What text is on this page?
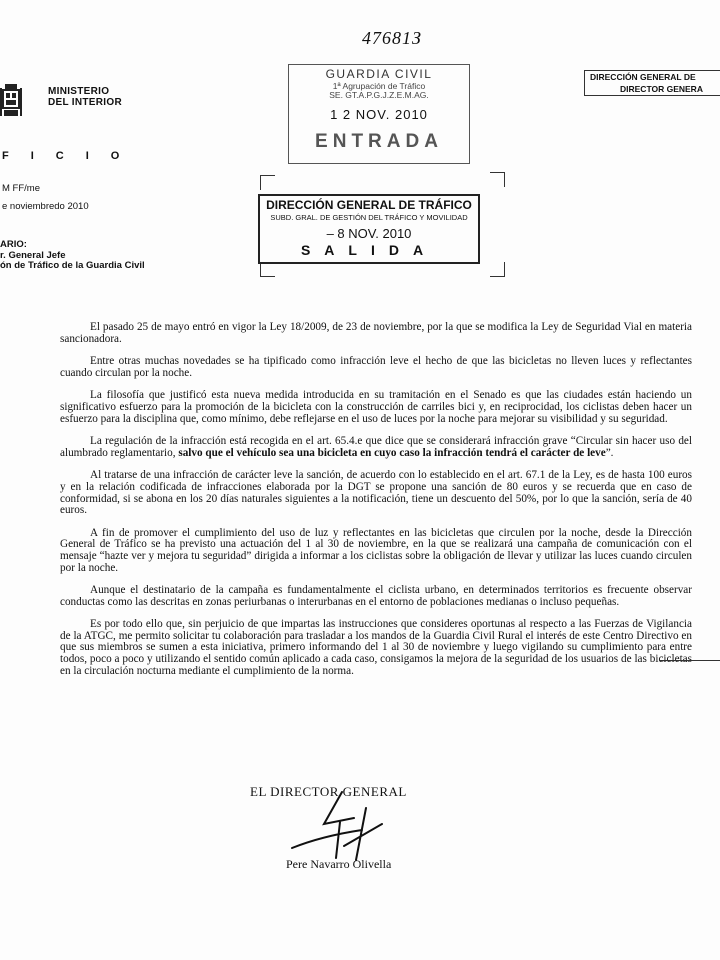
MINISTERIO
DEL INTERIOR
FICIO
M FF/me
e noviembredo 2010
ARIO:
r. General Jefe
ón de Tráfico de la Guardia Civil
47681З
GUARDIA CIVIL
1ª Agrupación de Tráfico
SE. GT.A.P.G.J.Z.E.M.AG.
1 2 NOV. 2010
ENTRADA
DIRECCIÓN GENERAL DE TRÁFICO
SUBD. GRAL. DE GESTIÓN DEL TRÁFICO Y MOVILIDAD
– 8 NOV. 2010
SALIDA
DIRECCIÓN GENERAL DE
DIRECTOR GENERA

El pasado 25 de mayo entró en vigor la Ley 18/2009, de 23 de noviembre, por la que se modifica la Ley de Seguridad Vial en materia sancionadora.

Entre otras muchas novedades se ha tipificado como infracción leve el hecho de que las bicicletas no lleven luces y reflectantes cuando circulan por la noche.

La filosofía que justificó esta nueva medida introducida en su tramitación en el Senado es que las ciudades están haciendo un significativo esfuerzo para la promoción de la bicicleta con la construcción de carriles bici y, en reciprocidad, los ciclistas deben hacer un esfuerzo para la disciplina que, como mínimo, debe reflejarse en el uso de luces por la noche para mejorar su visibilidad y su seguridad.

La regulación de la infracción está recogida en el art. 65.4.e que dice que se considerará infracción grave “Circular sin hacer uso del alumbrado reglamentario, salvo que el vehículo sea una bicicleta en cuyo caso la infracción tendrá el carácter de leve”.

Al tratarse de una infracción de carácter leve la sanción, de acuerdo con lo establecido en el art. 67.1 de la Ley, es de hasta 100 euros y en la relación codificada de infracciones elaborada por la DGT se propone una sanción de 80 euros y se recuerda que en caso de conformidad, si se abona en los 20 días naturales siguientes a la notificación, tiene un descuento del 50%, por lo que la sanción, sería de 40 euros.

A fin de promover el cumplimiento del uso de luz y reflectantes en las bicicletas que circulen por la noche, desde la Dirección General de Tráfico se ha previsto una actuación del 1 al 30 de noviembre, en la que se realizará una campaña de comunicación con el mensaje “hazte ver y mejora tu seguridad” dirigida a informar a los ciclistas sobre la obligación de llevar y utilizar las luces cuando circulen por la noche.

Aunque el destinatario de la campaña es fundamentalmente el ciclista urbano, en determinados territorios es frecuente observar conductas como las descritas en zonas periurbanas o interurbanas en el entorno de poblaciones medianas o incluso pequeñas.

Es por todo ello que, sin perjuicio de que impartas las instrucciones que consideres oportunas al respecto a las Fuerzas de Vigilancia de la ATGC, me permito solicitar tu colaboración para trasladar a los mandos de la Guardia Civil Rural el interés de este Centro Directivo en que sus miembros se sumen a esta iniciativa, primero informando del 1 al 30 de noviembre y luego vigilando su cumplimiento para entre todos, poco a poco y utilizando el sentido común aplicado a cada caso, consigamos la mejora de la seguridad de los usuarios de las bicicletas en la circulación nocturna mediante el cumplimiento de la norma.

EL DIRECTOR GENERAL
Pere Navarro Olivella
